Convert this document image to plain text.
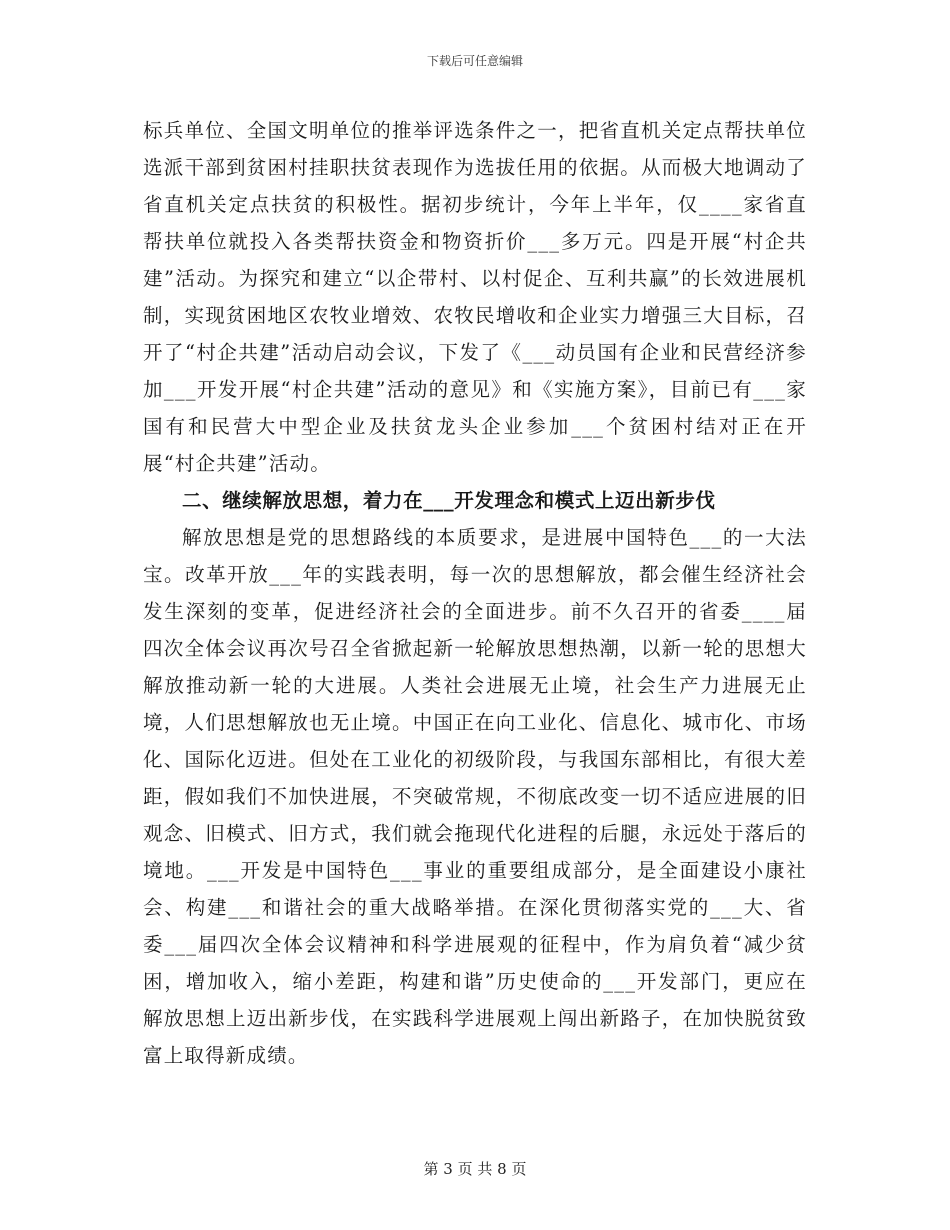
下载后可任意编辑

标兵单位、全国文明单位的推举评选条件之一，把省直机关定点帮扶单位选派干部到贫困村挂职扶贫表现作为选拔任用的依据。从而极大地调动了省直机关定点扶贫的积极性。据初步统计，今年上半年，仅____家省直帮扶单位就投入各类帮扶资金和物资折价___多万元。四是开展“村企共建”活动。为探究和建立“以企带村、以村促企、互利共赢”的长效进展机制，实现贫困地区农牧业增效、农牧民增收和企业实力增强三大目标，召开了“村企共建”活动启动会议，下发了《___动员国有企业和民营经济参加___开发开展“村企共建”活动的意见》和《实施方案》，目前已有___家国有和民营大中型企业及扶贫龙头企业参加___个贫困村结对正在开展“村企共建”活动。

二、继续解放思想，着力在___开发理念和模式上迈出新步伐

解放思想是党的思想路线的本质要求，是进展中国特色___的一大法宝。改革开放___年的实践表明，每一次的思想解放，都会催生经济社会发生深刻的变革，促进经济社会的全面进步。前不久召开的省委____届四次全体会议再次号召全省掀起新一轮解放思想热潮，以新一轮的思想大解放推动新一轮的大进展。人类社会进展无止境，社会生产力进展无止境，人们思想解放也无止境。中国正在向工业化、信息化、城市化、市场化、国际化迈进。但处在工业化的初级阶段，与我国东部相比，有很大差距，假如我们不加快进展，不突破常规，不彻底改变一切不适应进展的旧观念、旧模式、旧方式，我们就会拖现代化进程的后腿，永远处于落后的境地。___开发是中国特色___事业的重要组成部分，是全面建设小康社会、构建___和谐社会的重大战略举措。在深化贯彻落实党的___大、省委___届四次全体会议精神和科学进展观的征程中，作为肩负着“减少贫困，增加收入，缩小差距，构建和谐”历史使命的___开发部门，更应在解放思想上迈出新步伐，在实践科学进展观上闯出新路子，在加快脱贫致富上取得新成绩。

第 3 页 共 8 页
